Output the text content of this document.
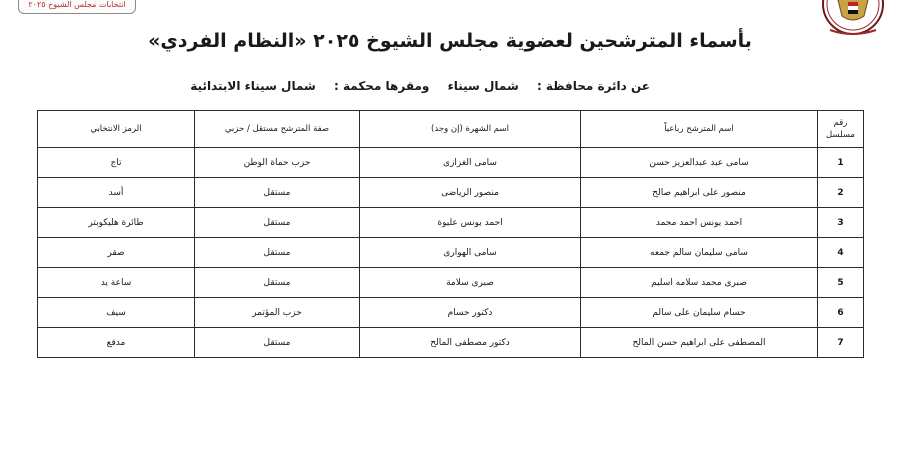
انتخابات مجلس الشيوخ ٢٠٢٥
بأسماء المترشحين لعضوية مجلس الشيوخ ٢٠٢٥ «النظام الفردي»
عن دائرة محافظة : شمال سيناء ومقرها محكمة : شمال سيناء الابتدائية
رقم مسلسل	اسم المترشح رباعياً	اسم الشهرة (إن وجد)	صفة المترشح مستقل / حزبي	الرمز الانتخابي
1	سامى عبد عبدالعزيز حسن	سامى الغزازى	حزب حماة الوطن	تاج
2	منصور على ابراهيم صالح	منصور الرياضى	مستقل	أسد
3	احمد يونس احمد محمد	احمد يونس عليوة	مستقل	طائرة هليكوبتر
4	سامى سليمان سالم جمعه	سامى الهوارى	مستقل	صقر
5	صبرى محمد سلامه اسليم	صبرى سلامة	مستقل	ساعة يد
6	حسام سليمان على سالم	دكتور حسام	حزب المؤتمر	سيف
7	المصطفى على ابراهيم حسن المالح	دكتور مصطفى المالح	مستقل	مدفع
